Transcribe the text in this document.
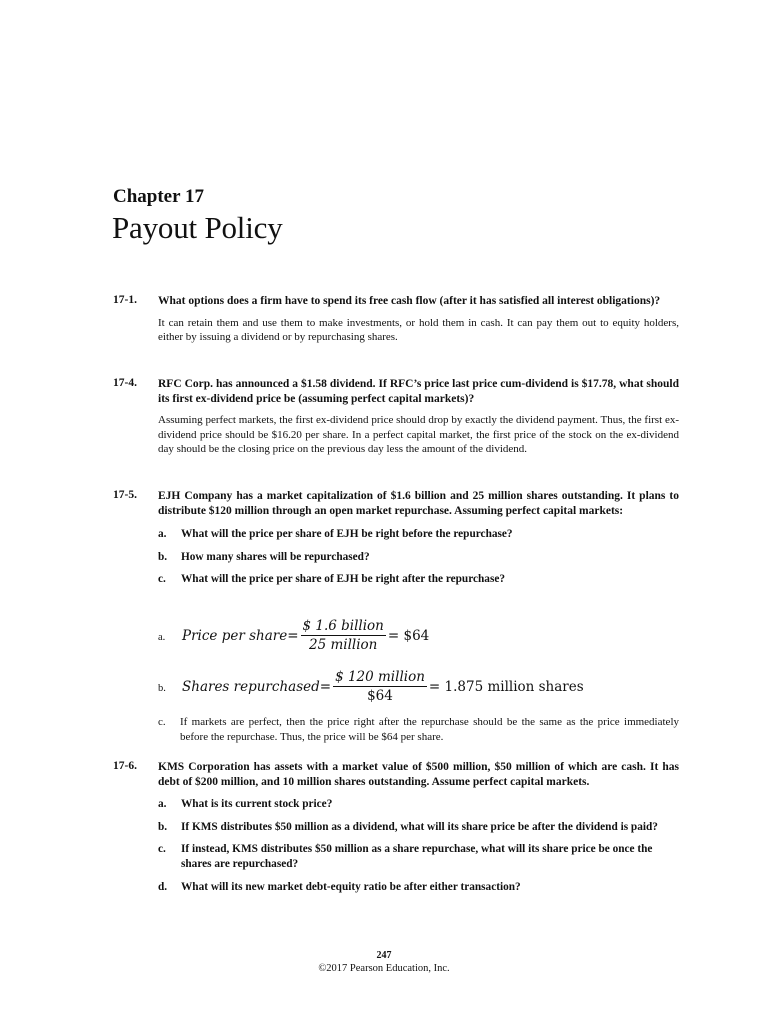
Chapter 17
Payout Policy
17-1.	What options does a firm have to spend its free cash flow (after it has satisfied all interest obligations)?
It can retain them and use them to make investments, or hold them in cash. It can pay them out to equity holders, either by issuing a dividend or by repurchasing shares.
17-4.	RFC Corp. has announced a $1.58 dividend. If RFC’s price last price cum-dividend is $17.78, what should its first ex-dividend price be (assuming perfect capital markets)?
Assuming perfect markets, the first ex-dividend price should drop by exactly the dividend payment. Thus, the first ex-dividend price should be $16.20 per share. In a perfect capital market, the first price of the stock on the ex-dividend day should be the closing price on the previous day less the amount of the dividend.
17-5.	EJH Company has a market capitalization of $1.6 billion and 25 million shares outstanding. It plans to distribute $120 million through an open market repurchase. Assuming perfect capital markets:
a.	What will the price per share of EJH be right before the repurchase?
b.	How many shares will be repurchased?
c.	What will the price per share of EJH be right after the repurchase?
a. Price per share = $\frac{\text{\$ 1.6 billion}}{\text{25 million}}$ = $64
b. Shares repurchased = $\frac{\text{\$ 120 million}}{\$64} = 1.875$ million shares
c. If markets are perfect, then the price right after the repurchase should be the same as the price immediately before the repurchase. Thus, the price will be $64 per share.
17-6.	KMS Corporation has assets with a market value of $500 million, $50 million of which are cash. It has debt of $200 million, and 10 million shares outstanding. Assume perfect capital markets.
a.	What is its current stock price?
b.	If KMS distributes $50 million as a dividend, what will its share price be after the dividend is paid?
c.	If instead, KMS distributes $50 million as a share repurchase, what will its share price be once the shares are repurchased?
d.	What will its new market debt-equity ratio be after either transaction?
247
©2017 Pearson Education, Inc.
